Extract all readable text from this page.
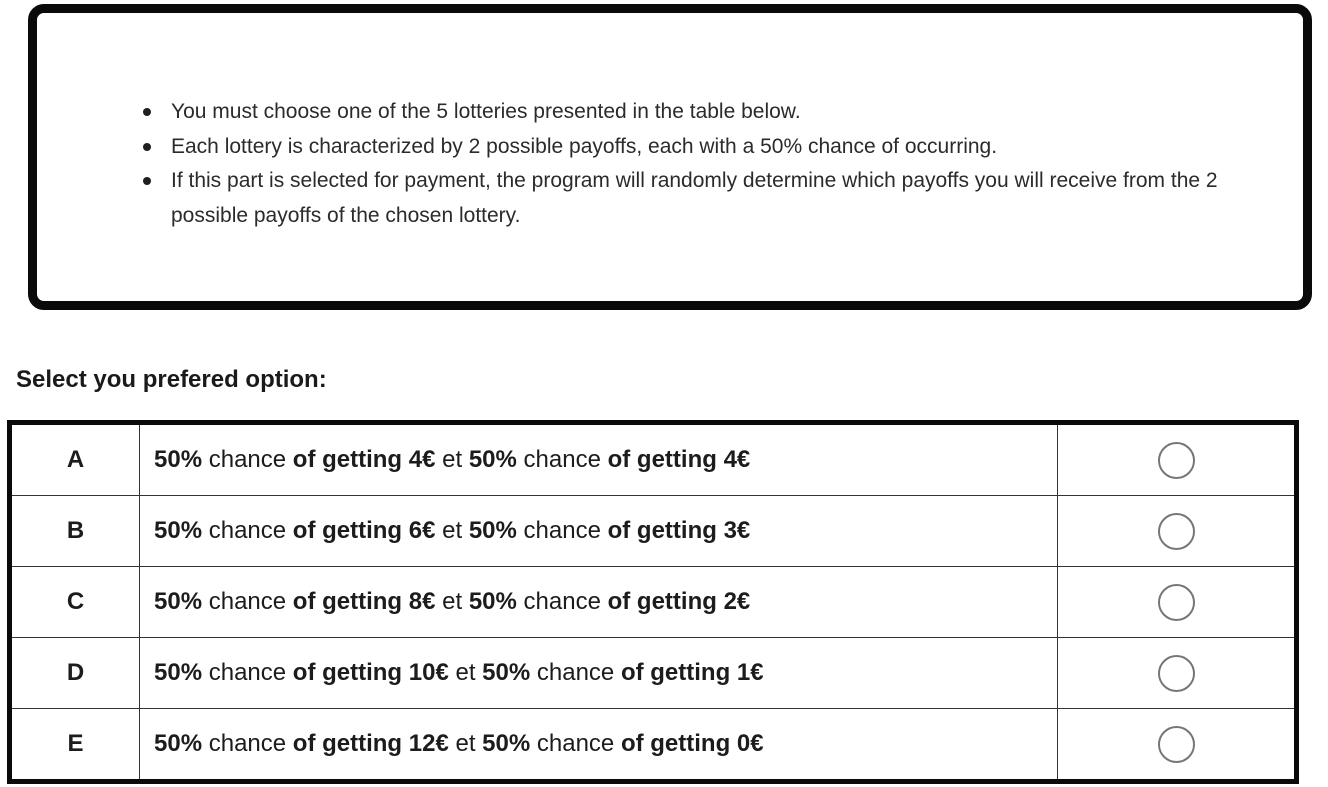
You must choose one of the 5 lotteries presented in the table below.
Each lottery is characterized by 2 possible payoffs, each with a 50% chance of occurring.
If this part is selected for payment, the program will randomly determine which payoffs you will receive from the 2 possible payoffs of the chosen lottery.
Select you prefered option:
A	50% chance of getting 4€ et 50% chance of getting 4€	
B	50% chance of getting 6€ et 50% chance of getting 3€	
C	50% chance of getting 8€ et 50% chance of getting 2€	
D	50% chance of getting 10€ et 50% chance of getting 1€	
E	50% chance of getting 12€ et 50% chance of getting 0€	
